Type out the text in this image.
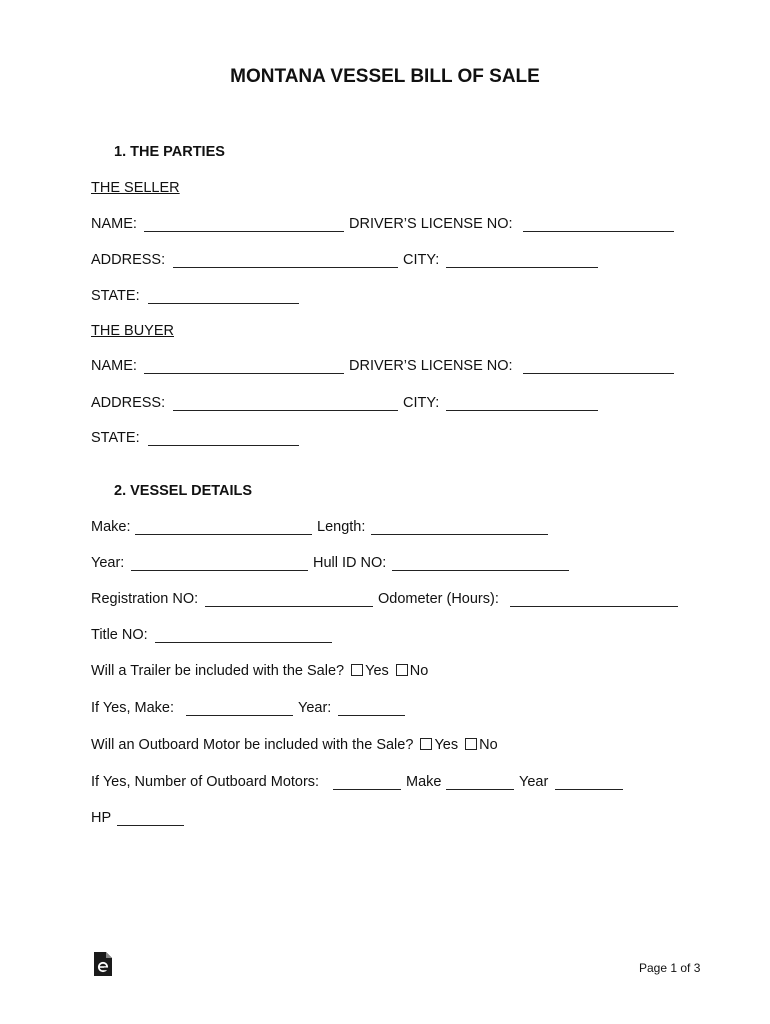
MONTANA VESSEL BILL OF SALE
1. THE PARTIES
THE SELLER
NAME:	DRIVER’S LICENSE NO:
ADDRESS:	CITY:
STATE:
THE BUYER
NAME:	DRIVER’S LICENSE NO:
ADDRESS:	CITY:
STATE:
2. VESSEL DETAILS
Make:	Length:
Year:	Hull ID NO:
Registration NO:	Odometer (Hours):
Title NO:
Will a Trailer be included with the Sale? Yes No
If Yes, Make:	Year:
Will an Outboard Motor be included with the Sale? Yes No
If Yes, Number of Outboard Motors:	Make	Year
HP
Page 1 of 3
